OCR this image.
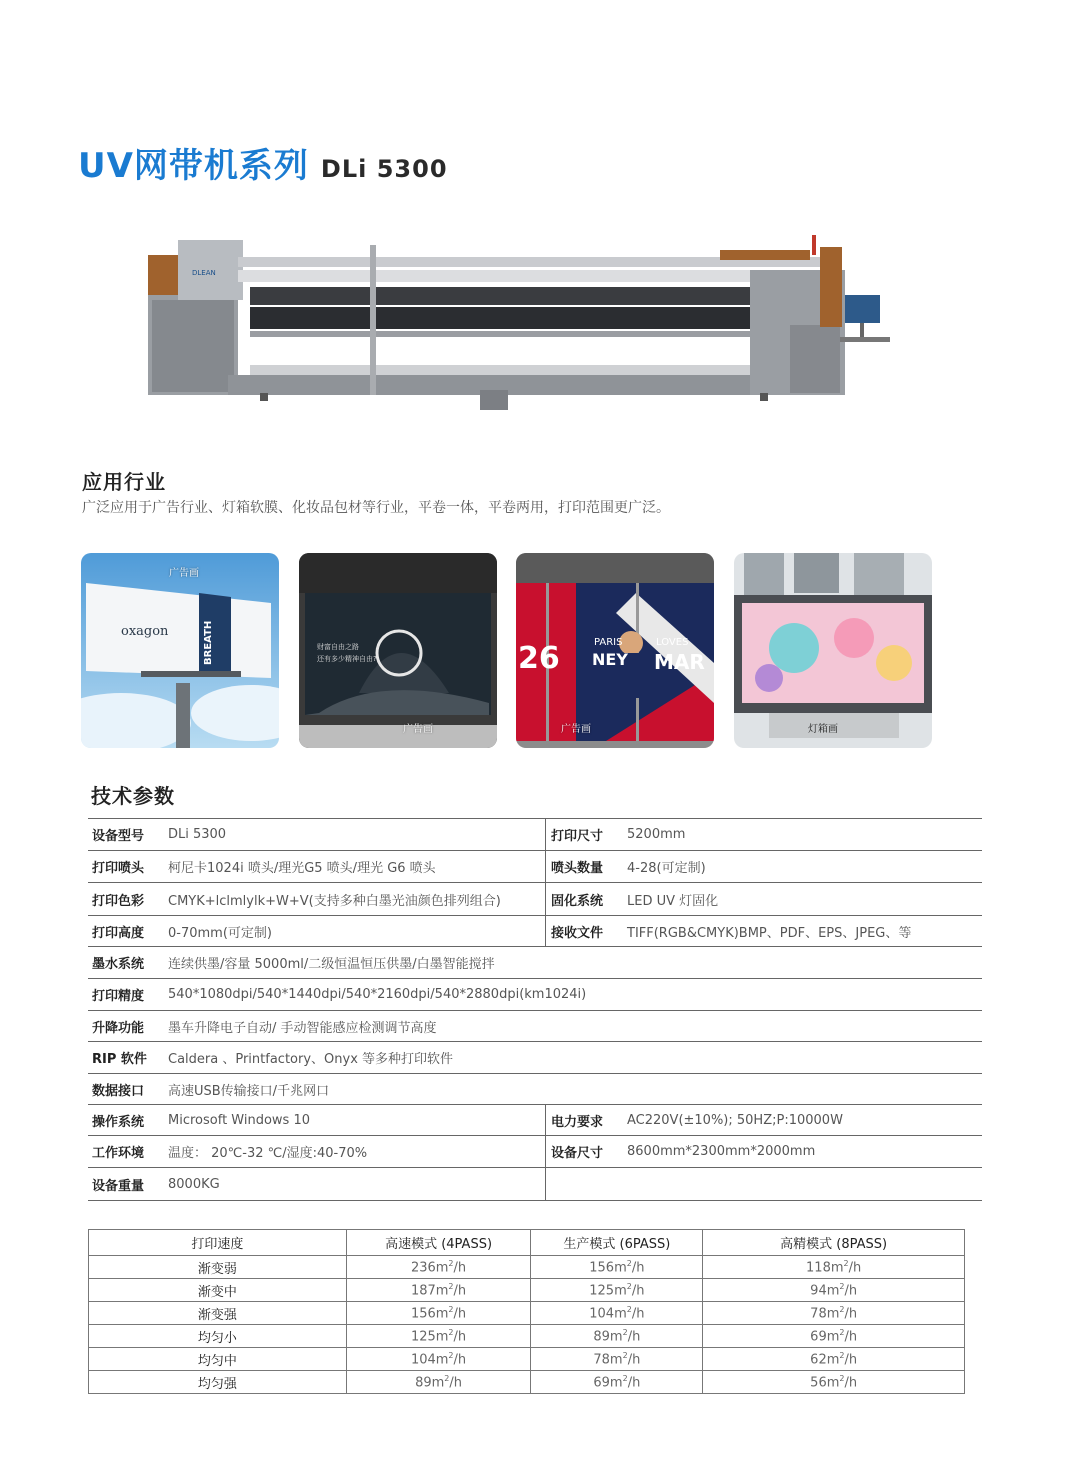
UV网带机系列 DLi 5300
DLEAN
应用行业
广泛应用于广告行业、灯箱软膜、化妆品包材等行业，平卷一体，平卷两用，打印范围更广泛。
oxagon	BREATH
广告画
财富自由之路
还有多少精神自由?
广告画
26	PARIS
NEY
LOVES
MAR
广告画	灯箱画
技术参数
设备型号	DLi 5300	打印尺寸	5200mm
打印喷头	柯尼卡1024i 喷头/理光G5 喷头/理光 G6 喷头	喷头数量	4-28(可定制)
打印色彩	CMYK+lclmlylk+W+V(支持多种白墨光油颜色排列组合)	固化系统	LED UV 灯固化
打印高度	0-70mm(可定制)	接收文件	TIFF(RGB&CMYK)BMP、PDF、EPS、JPEG、等
墨水系统	连续供墨/容量 5000ml/二级恒温恒压供墨/白墨智能搅拌
打印精度	540*1080dpi/540*1440dpi/540*2160dpi/540*2880dpi(km1024i)
升降功能	墨车升降电子自动/ 手动智能感应检测调节高度
RIP 软件	Caldera 、Printfactory、Onyx 等多种打印软件
数据接口	高速USB传输接口/千兆网口
操作系统	Microsoft Windows 10	电力要求	AC220V(±10%); 50HZ;P:10000W
工作环境	温度： 20℃-32 ℃/湿度:40-70%	设备尺寸	8600mm*2300mm*2000mm
设备重量	8000KG
打印速度	高速模式 (4PASS)	生产模式 (6PASS)	高精模式 (8PASS)
渐变弱	$236m^2/h$	$156m^2/h$	$118m^2/h$
渐变中	$187m^2/h$	$125m^2/h$	$94m^2/h$
渐变强	$156m^2/h$	$104m^2/h$	$78m^2/h$
均匀小	$125m^2/h$	$89m^2/h$	$69m^2/h$
均匀中	$104m^2/h$	$78m^2/h$	$62m^2/h$
均匀强	$89m^2/h$	$69m^2/h$	$56m^2/h$
